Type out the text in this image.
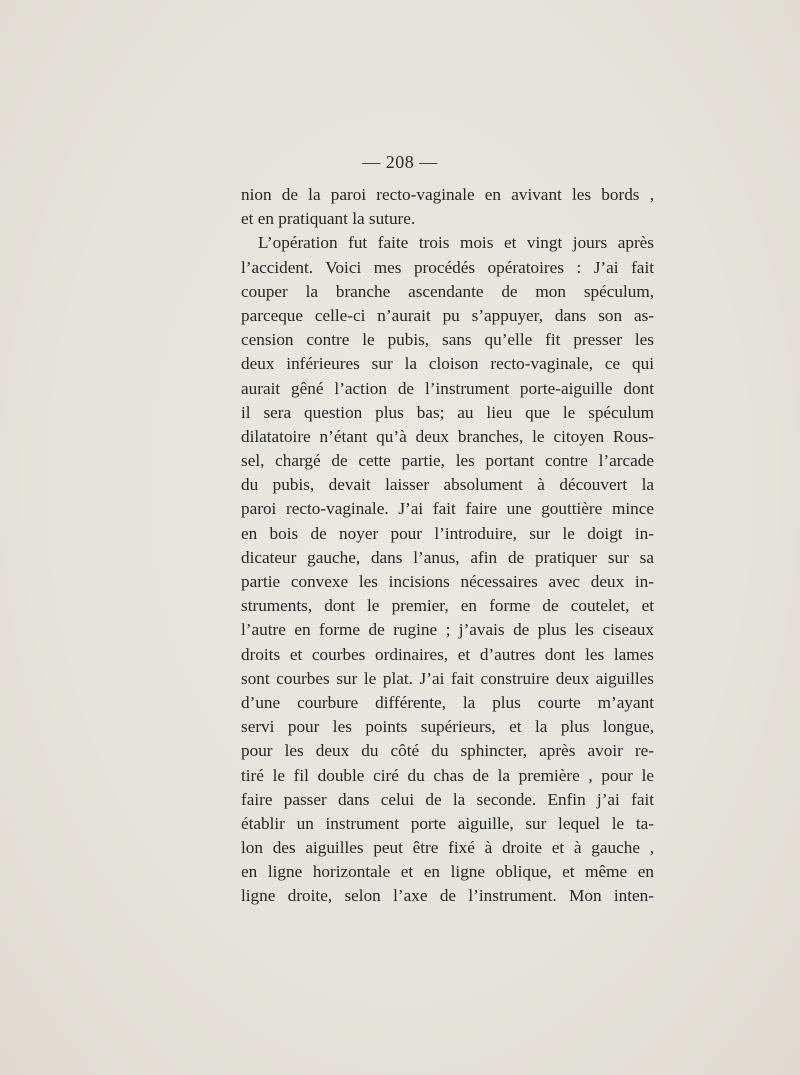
— 208 —
nion de la paroi recto-vaginale en avivant les bords ,
et en pratiquant la suture.
L’opération fut faite trois mois et vingt jours après
l’accident. Voici mes procédés opératoires : J’ai fait
couper la branche ascendante de mon spéculum,
parceque celle-ci n’aurait pu s’appuyer, dans son as-
cension contre le pubis, sans qu’elle fit presser les
deux inférieures sur la cloison recto-vaginale, ce qui
aurait gêné l’action de l’instrument porte-aiguille dont
il sera question plus bas; au lieu que le spéculum
dilatatoire n’étant qu’à deux branches, le citoyen Rous-
sel, chargé de cette partie, les portant contre l’arcade
du pubis, devait laisser absolument à découvert la
paroi recto-vaginale. J’ai fait faire une gouttière mince
en bois de noyer pour l’introduire, sur le doigt in-
dicateur gauche, dans l’anus, afin de pratiquer sur sa
partie convexe les incisions nécessaires avec deux in-
struments, dont le premier, en forme de coutelet, et
l’autre en forme de rugine ; j’avais de plus les ciseaux
droits et courbes ordinaires, et d’autres dont les lames
sont courbes sur le plat. J’ai fait construire deux aiguilles
d’une courbure différente, la plus courte m’ayant
servi pour les points supérieurs, et la plus longue,
pour les deux du côté du sphincter, après avoir re-
tiré le fil double ciré du chas de la première , pour le
faire passer dans celui de la seconde. Enfin j’ai fait
établir un instrument porte aiguille, sur lequel le ta-
lon des aiguilles peut être fixé à droite et à gauche ,
en ligne horizontale et en ligne oblique, et même en
ligne droite, selon l’axe de l’instrument. Mon inten-
